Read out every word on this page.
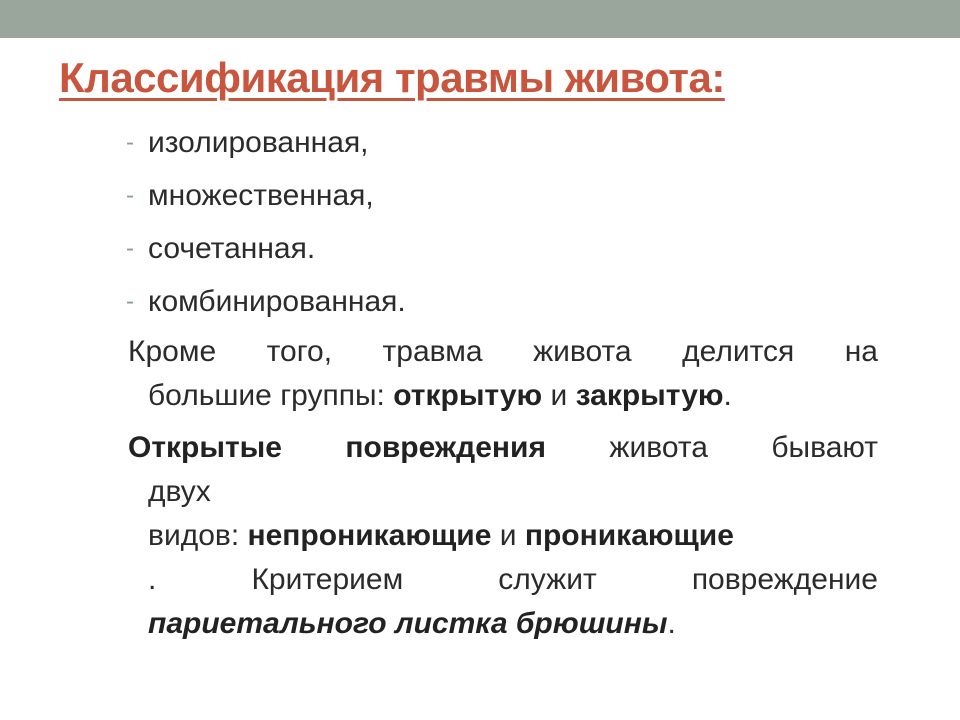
Классификация травмы живота:
- изолированная,
- множественная,
- сочетанная.
- комбинированная.
Кроме того, травма живота делится на
большие группы: открытую и закрытую.
Открытые повреждения живота бывают
двух
видов: непроникающие и проникающие
.	Критерием	служит	повреждение
париетального листка брюшины.
